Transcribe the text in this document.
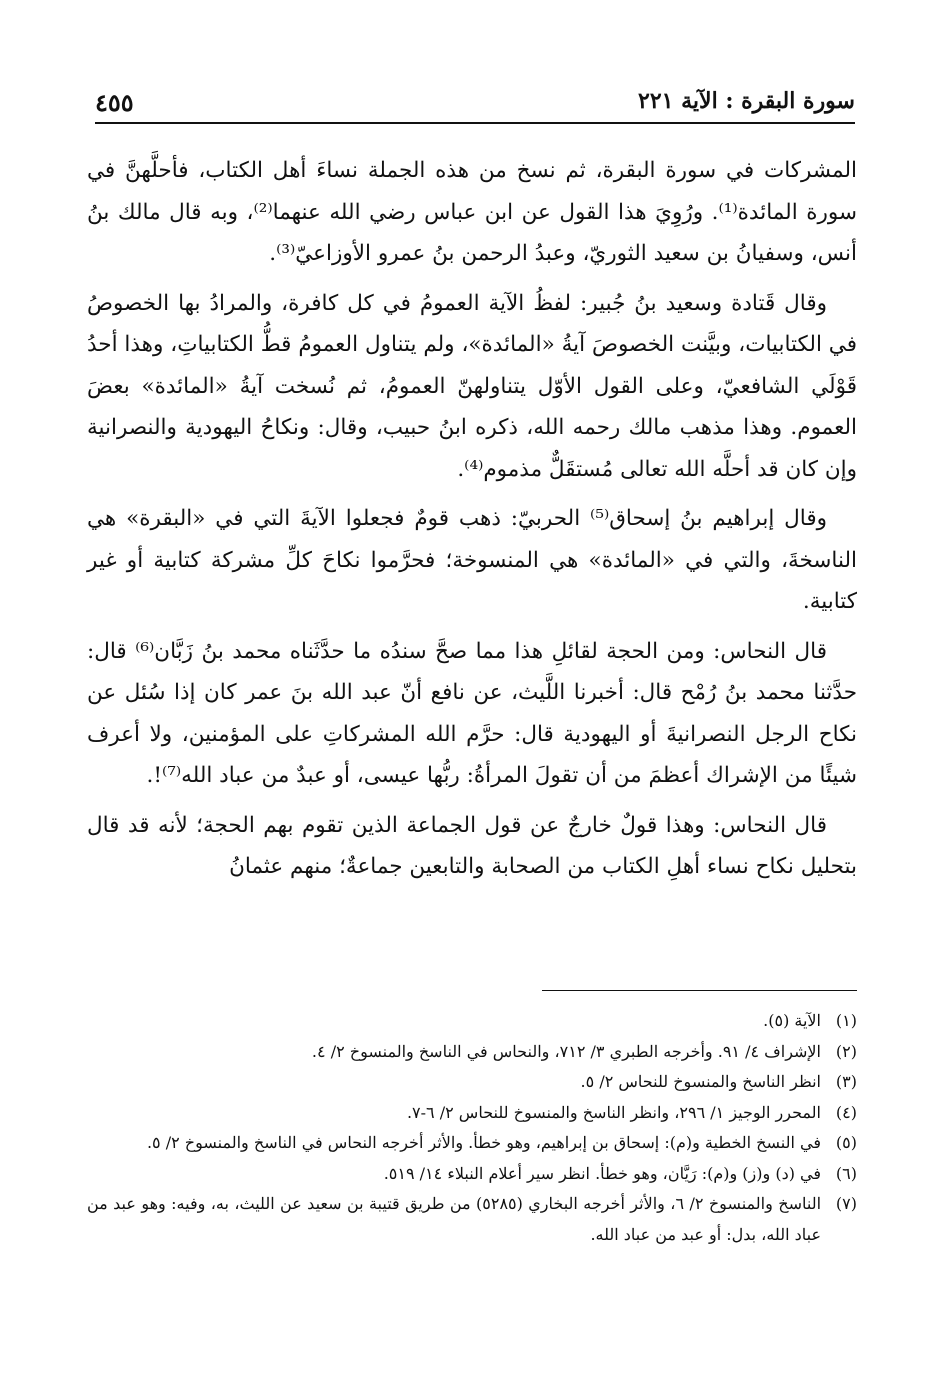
سورة البقرة : الآية ٢٢١
٤٥٥

المشركات في سورة البقرة، ثم نسخ من هذه الجملة نساءَ أهل الكتاب، فأحلَّهنَّ في سورة المائدة⁽¹⁾. ورُوِيَ هذا القول عن ابن عباس رضي الله عنهما⁽²⁾، وبه قال مالك بنُ أنس، وسفيانُ بن سعيد الثوريّ، وعبدُ الرحمن بنُ عمرو الأوزاعيّ⁽³⁾.

وقال قَتادة وسعيد بنُ جُبير: لفظُ الآية العمومُ في كل كافرة، والمرادُ بها الخصوصُ في الكتابيات، وبيَّنت الخصوصَ آيةُ «المائدة»، ولم يتناول العمومُ قطُّ الكتابياتِ، وهذا أحدُ قَوْلَي الشافعيّ، وعلى القول الأوّل يتناولهنّ العمومُ، ثم نُسخت آيةُ «المائدة» بعضَ العموم. وهذا مذهب مالك رحمه الله، ذكره ابنُ حبيب، وقال: ونكاحُ اليهودية والنصرانية وإن كان قد أحلَّه الله تعالى مُستقَلٌّ مذموم⁽⁴⁾.

وقال إبراهيم بنُ إسحاق⁽⁵⁾ الحربيّ: ذهب قومٌ فجعلوا الآيةَ التي في «البقرة» هي الناسخةَ، والتي في «المائدة» هي المنسوخة؛ فحرَّموا نكاحَ كلِّ مشركة كتابية أو غير كتابية.

قال النحاس: ومن الحجة لقائلِ هذا مما صحَّ سندُه ما حدَّثَناه محمد بنُ زَبَّان⁽⁶⁾ قال: حدَّثنا محمد بنُ رُمْح قال: أخبرنا اللَّيث، عن نافع أنّ عبد الله بنَ عمر كان إذا سُئل عن نكاح الرجل النصرانيةَ أو اليهودية قال: حرَّم الله المشركاتِ على المؤمنين، ولا أعرف شيئًا من الإشراك أعظمَ من أن تقولَ المرأةُ: ربُّها عيسى، أو عبدٌ من عباد الله⁽⁷⁾!.

قال النحاس: وهذا قولٌ خارجٌ عن قول الجماعة الذين تقوم بهم الحجة؛ لأنه قد قال بتحليل نكاح نساء أهلِ الكتاب من الصحابة والتابعين جماعةٌ؛ منهم عثمانُ

(١)
الآية (٥).
(٢)
الإشراف ٤/ ٩١. وأخرجه الطبري ٣/ ٧١٢، والنحاس في الناسخ والمنسوخ ٢/ ٤.
(٣)
انظر الناسخ والمنسوخ للنحاس ٢/ ٥.
(٤)
المحرر الوجيز ١/ ٢٩٦، وانظر الناسخ والمنسوخ للنحاس ٢/ ٦-٧.
(٥)
في النسخ الخطية و(م): إسحاق بن إبراهيم، وهو خطأ. والأثر أخرجه النحاس في الناسخ والمنسوخ ٢/ ٥.
(٦)
في (د) و(ز) و(م): رَيَّان، وهو خطأ. انظر سير أعلام النبلاء ١٤/ ٥١٩.
(٧)
الناسخ والمنسوخ ٢/ ٦، والأثر أخرجه البخاري (٥٢٨٥) من طريق قتيبة بن سعيد عن الليث، به، وفيه: وهو عبد من عباد الله، بدل: أو عبد من عباد الله.
